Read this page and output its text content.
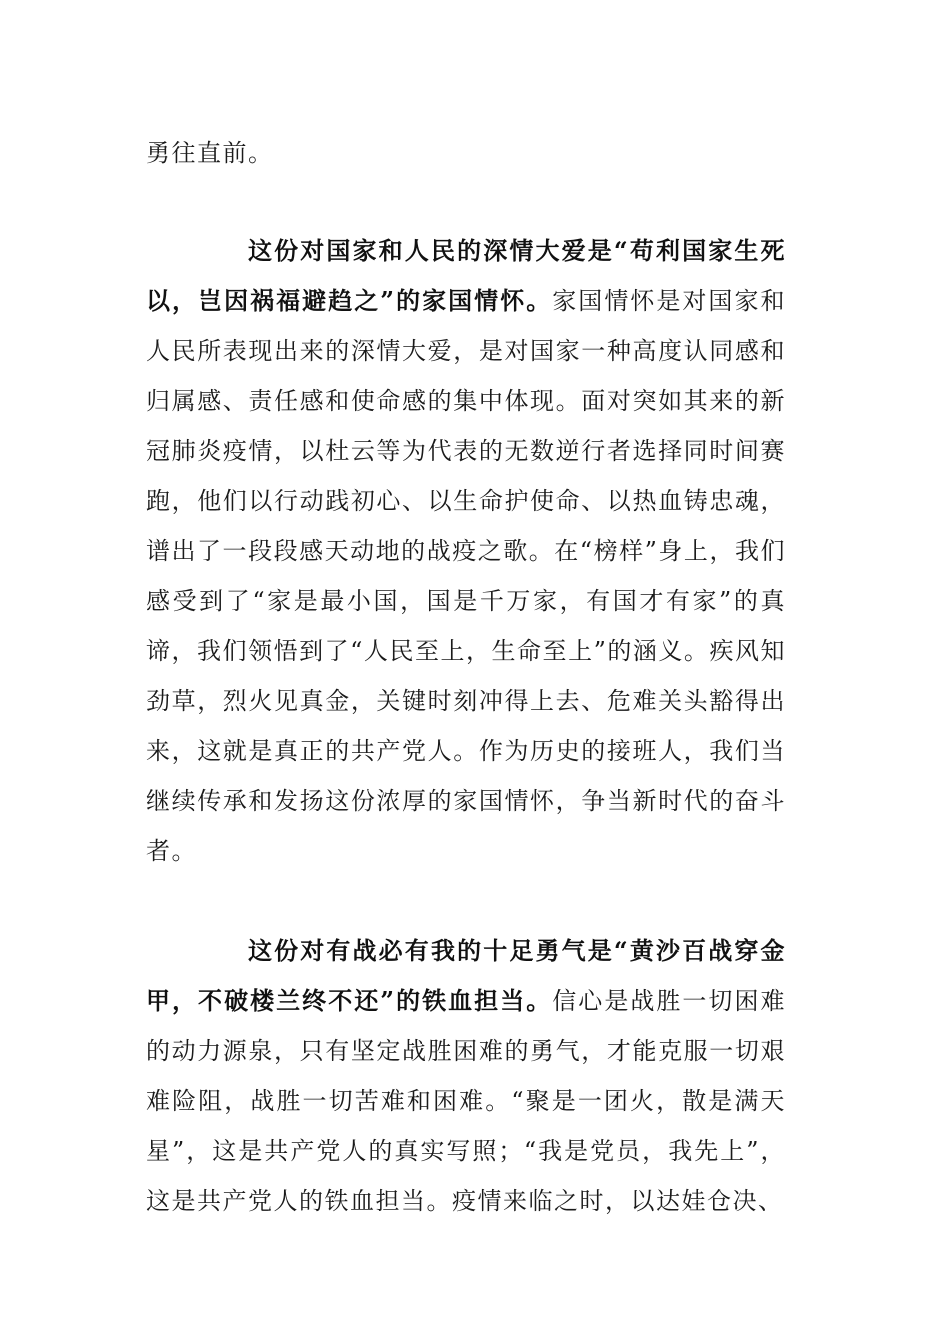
勇往直前。

这份对国家和人民的深情大爱是“苟利国家生死以，岂因祸福避趋之”的家国情怀。家国情怀是对国家和人民所表现出来的深情大爱，是对国家一种高度认同感和归属感、责任感和使命感的集中体现。面对突如其来的新冠肺炎疫情，以杜云等为代表的无数逆行者选择同时间赛跑，他们以行动践初心、以生命护使命、以热血铸忠魂，谱出了一段段感天动地的战疫之歌。在“榜样”身上，我们感受到了“家是最小国，国是千万家，有国才有家”的真谛，我们领悟到了“人民至上，生命至上”的涵义。疾风知劲草，烈火见真金，关键时刻冲得上去、危难关头豁得出来，这就是真正的共产党人。作为历史的接班人，我们当继续传承和发扬这份浓厚的家国情怀，争当新时代的奋斗者。

这份对有战必有我的十足勇气是“黄沙百战穿金甲，不破楼兰终不还”的铁血担当。信心是战胜一切困难的动力源泉，只有坚定战胜困难的勇气，才能克服一切艰难险阻，战胜一切苦难和困难。“聚是一团火，散是满天星”，这是共产党人的真实写照；“我是党员，我先上”，这是共产党人的铁血担当。疫情来临之时，以达娃仓决、
